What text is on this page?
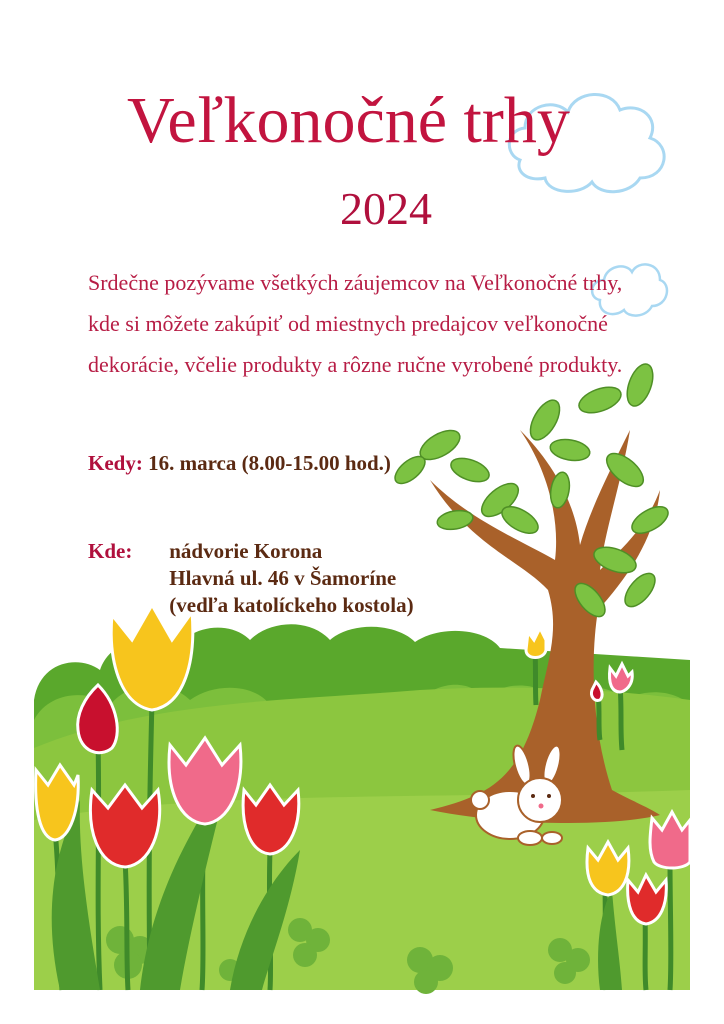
Veľkonočné trhy
2024

Srdečne pozývame všetkých záujemcov na Veľkonočné trhy, kde si môžete zakúpiť od miestnych predajcov veľkonočné dekorácie, včelie produkty a rôzne ručne vyrobené produkty.

Kedy: 16. marca (8.00-15.00 hod.)
Kde: nádvorie Korona
Hlavná ul. 46 v Šamoríne
(vedľa katolíckeho kostola)
